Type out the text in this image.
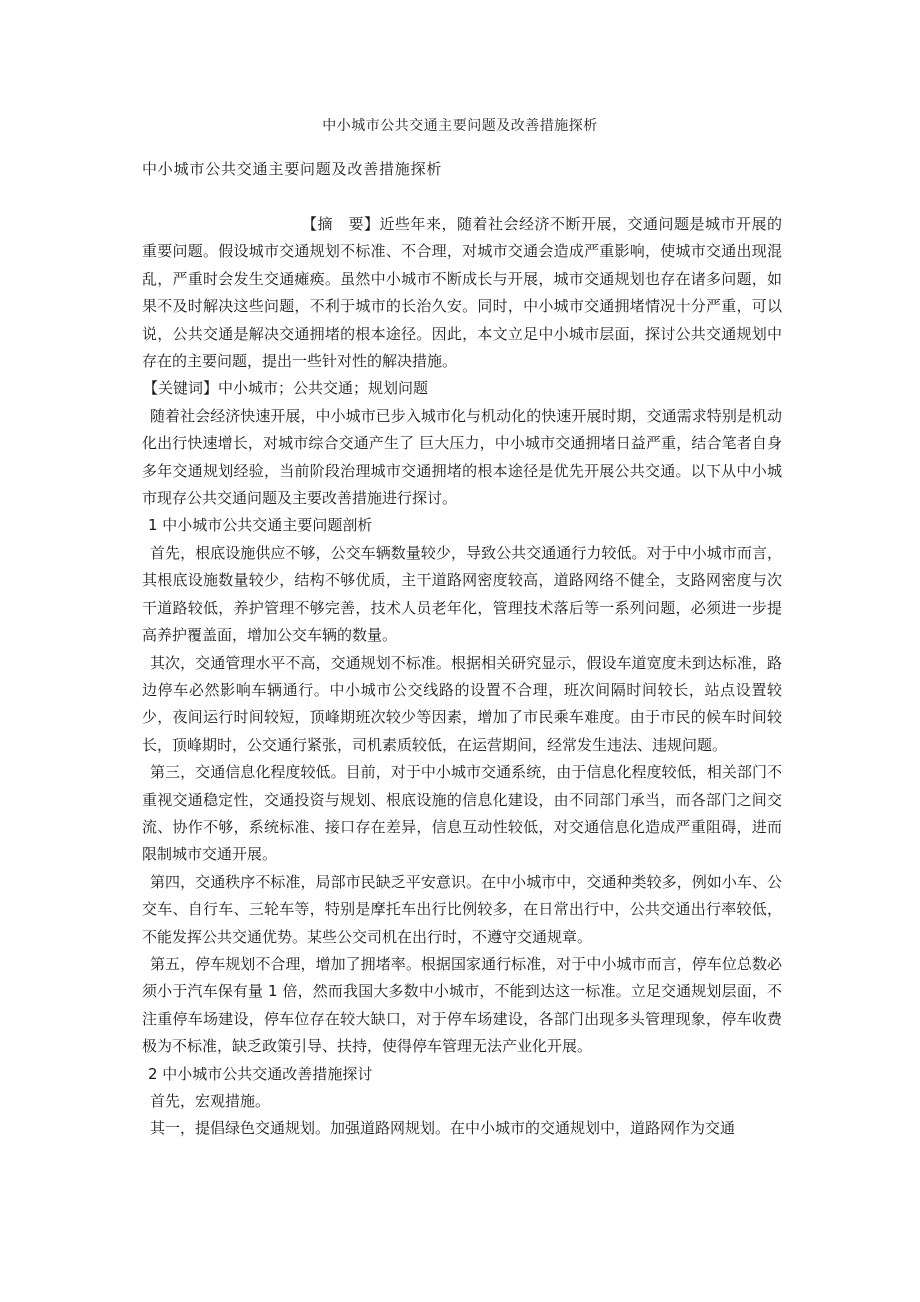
中小城市公共交通主要问题及改善措施探析
中小城市公共交通主要问题及改善措施探析

【摘　要】近些年来，随着社会经济不断开展，交通问题是城市开展的重要问题。假设城市交通规划不标准、不合理，对城市交通会造成严重影响，使城市交通出现混乱，严重时会发生交通瘫痪。虽然中小城市不断成长与开展，城市交通规划也存在诸多问题，如果不及时解决这些问题，不利于城市的长治久安。同时，中小城市交通拥堵情况十分严重，可以说，公共交通是解决交通拥堵的根本途径。因此，本文立足中小城市层面，探讨公共交通规划中存在的主要问题，提出一些针对性的解决措施。

【关键词】中小城市；公共交通；规划问题

随着社会经济快速开展，中小城市已步入城市化与机动化的快速开展时期，交通需求特别是机动化出行快速增长，对城市综合交通产生了 巨大压力，中小城市交通拥堵日益严重，结合笔者自身多年交通规划经验，当前阶段治理城市交通拥堵的根本途径是优先开展公共交通。以下从中小城市现存公共交通问题及主要改善措施进行探讨。

1 中小城市公共交通主要问题剖析

首先，根底设施供应不够，公交车辆数量较少，导致公共交通通行力较低。对于中小城市而言，其根底设施数量较少，结构不够优质，主干道路网密度较高，道路网络不健全，支路网密度与次干道路较低，养护管理不够完善，技术人员老年化，管理技术落后等一系列问题，必须进一步提高养护覆盖面，增加公交车辆的数量。

其次，交通管理水平不高，交通规划不标准。根据相关研究显示，假设车道宽度未到达标准，路边停车必然影响车辆通行。中小城市公交线路的设置不合理，班次间隔时间较长，站点设置较少，夜间运行时间较短，顶峰期班次较少等因素，增加了市民乘车难度。由于市民的候车时间较长，顶峰期时，公交通行紧张，司机素质较低，在运营期间，经常发生违法、违规问题。

第三，交通信息化程度较低。目前，对于中小城市交通系统，由于信息化程度较低，相关部门不重视交通稳定性，交通投资与规划、根底设施的信息化建设，由不同部门承当，而各部门之间交流、协作不够，系统标准、接口存在差异，信息互动性较低，对交通信息化造成严重阻碍，进而限制城市交通开展。

第四，交通秩序不标准，局部市民缺乏平安意识。在中小城市中，交通种类较多，例如小车、公交车、自行车、三轮车等，特别是摩托车出行比例较多，在日常出行中，公共交通出行率较低，不能发挥公共交通优势。某些公交司机在出行时，不遵守交通规章。

第五，停车规划不合理，增加了拥堵率。根据国家通行标准，对于中小城市而言，停车位总数必须小于汽车保有量 1 倍，然而我国大多数中小城市，不能到达这一标准。立足交通规划层面，不注重停车场建设，停车位存在较大缺口，对于停车场建设，各部门出现多头管理现象，停车收费极为不标准，缺乏政策引导、扶持，使得停车管理无法产业化开展。

2 中小城市公共交通改善措施探讨

首先，宏观措施。

其一，提倡绿色交通规划。加强道路网规划。在中小城市的交通规划中，道路网作为交通
